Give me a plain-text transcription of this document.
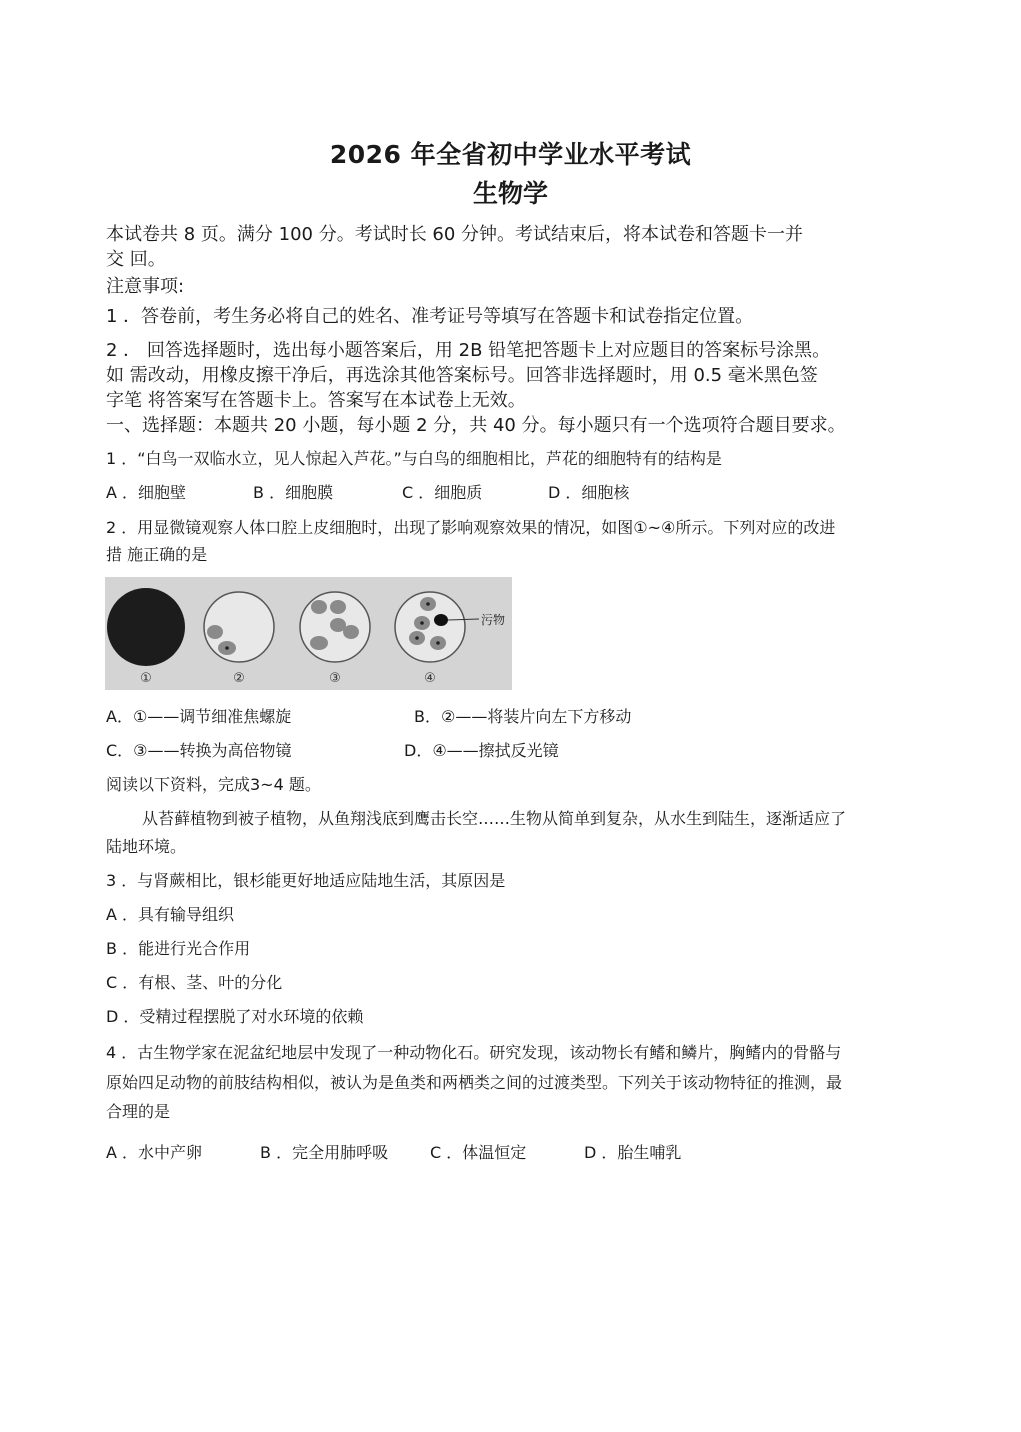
2026 年全省初中学业水平考试
生物学
本试卷共 8 页。满分 100 分。考试时长 60 分钟。考试结束后，将本试卷和答题卡一并
交 回。
注意事项:
1 ．答卷前，考生务必将自己的姓名、准考证号等填写在答题卡和试卷指定位置。
2 ． 回答选择题时，选出每小题答案后，用 2B 铅笔把答题卡上对应题目的答案标号涂黑。
如 需改动，用橡皮擦干净后，再选涂其他答案标号。回答非选择题时，用 0.5 毫米黑色签
字笔 将答案写在答题卡上。答案写在本试卷上无效。
一、选择题：本题共 20 小题，每小题 2 分，共 40 分。每小题只有一个选项符合题目要求。
1 ．“白鸟一双临水立，见人惊起入芦花。”与白鸟的细胞相比，芦花的细胞特有的结构是
A ．细胞壁	B ．细胞膜	C ．细胞质	D ．细胞核
2 ．用显微镜观察人体口腔上皮细胞时，出现了影响观察效果的情况，如图①~④所示。下列对应的改进
措 施正确的是
污物
①	②	③	④
A．①——调节细准焦螺旋	B．②——将装片向左下方移动
C．③——转换为高倍物镜	D．④——擦拭反光镜
阅读以下资料，完成3~4 题。
从苔藓植物到被子植物，从鱼翔浅底到鹰击长空……生物从简单到复杂，从水生到陆生，逐渐适应了
陆地环境。
3 ．与肾蕨相比，银杉能更好地适应陆地生活，其原因是
A ．具有输导组织
B ．能进行光合作用
C ．有根、茎、叶的分化
D ．受精过程摆脱了对水环境的依赖
4 ．古生物学家在泥盆纪地层中发现了一种动物化石。研究发现，该动物长有鳍和鳞片，胸鳍内的骨骼与
原始四足动物的前肢结构相似，被认为是鱼类和两栖类之间的过渡类型。下列关于该动物特征的推测，最
合理的是
A ．水中产卵	B ．完全用肺呼吸	C ．体温恒定	D ．胎生哺乳
